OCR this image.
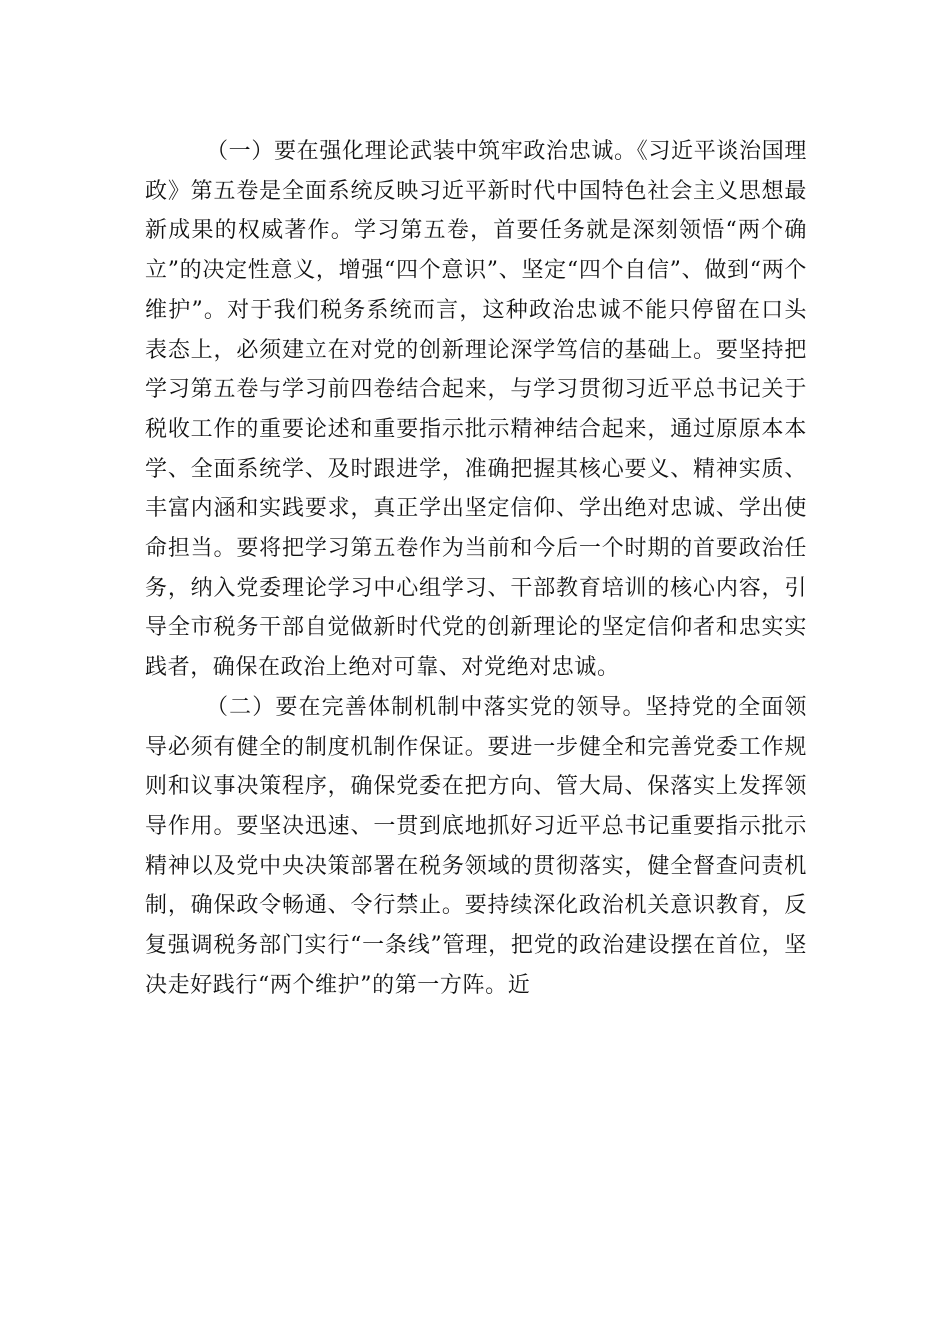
（一）要在强化理论武装中筑牢政治忠诚。《习近平谈治国理政》第五卷是全面系统反映习近平新时代中国特色社会主义思想最新成果的权威著作。学习第五卷，首要任务就是深刻领悟“两个确立”的决定性意义，增强“四个意识”、坚定“四个自信”、做到“两个维护”。对于我们税务系统而言，这种政治忠诚不能只停留在口头表态上，必须建立在对党的创新理论深学笃信的基础上。要坚持把学习第五卷与学习前四卷结合起来，与学习贯彻习近平总书记关于税收工作的重要论述和重要指示批示精神结合起来，通过原原本本学、全面系统学、及时跟进学，准确把握其核心要义、精神实质、丰富内涵和实践要求，真正学出坚定信仰、学出绝对忠诚、学出使命担当。要将把学习第五卷作为当前和今后一个时期的首要政治任务，纳入党委理论学习中心组学习、干部教育培训的核心内容，引导全市税务干部自觉做新时代党的创新理论的坚定信仰者和忠实实践者，确保在政治上绝对可靠、对党绝对忠诚。

（二）要在完善体制机制中落实党的领导。坚持党的全面领导必须有健全的制度机制作保证。要进一步健全和完善党委工作规则和议事决策程序，确保党委在把方向、管大局、保落实上发挥领导作用。要坚决迅速、一贯到底地抓好习近平总书记重要指示批示精神以及党中央决策部署在税务领域的贯彻落实，健全督查问责机制，确保政令畅通、令行禁止。要持续深化政治机关意识教育，反复强调税务部门实行“一条线”管理，把党的政治建设摆在首位，坚决走好践行“两个维护”的第一方阵。近
